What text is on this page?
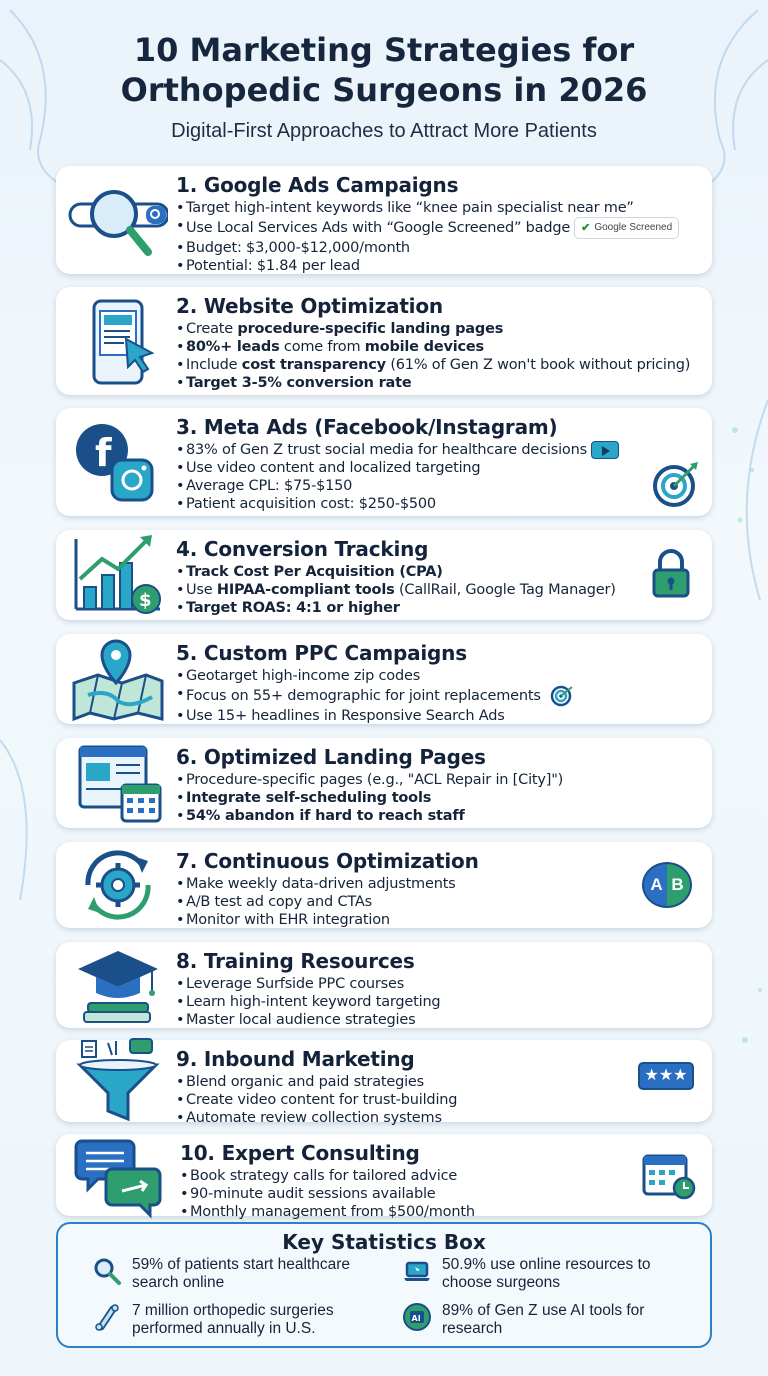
10 Marketing Strategies for
Orthopedic Surgeons in 2026
Digital-First Approaches to Attract More Patients
1. Google Ads Campaigns
• Target high-intent keywords like “knee pain specialist near me”
• Use Local Services Ads with “Google Screened” badge ✔ Google Screened
• Budget: $3,000-$12,000/month
• Potential: $1.84 per lead
2. Website Optimization
• Create procedure-specific landing pages
• 80%+ leads come from mobile devices
• Include cost transparency (61% of Gen Z won't book without pricing)
• Target 3-5% conversion rate
f
3. Meta Ads (Facebook/Instagram)
• 83% of Gen Z trust social media for healthcare decisions
• Use video content and localized targeting
• Average CPL: $75-$150
• Patient acquisition cost: $250-$500
$
4. Conversion Tracking
• Track Cost Per Acquisition (CPA)
• Use HIPAA-compliant tools (CallRail, Google Tag Manager)
• Target ROAS: 4:1 or higher
5. Custom PPC Campaigns
• Geotarget high-income zip codes
• Focus on 55+ demographic for joint replacements
• Use 15+ headlines in Responsive Search Ads
6. Optimized Landing Pages
• Procedure-specific pages (e.g., "ACL Repair in [City]")
• Integrate self-scheduling tools
• 54% abandon if hard to reach staff
7. Continuous Optimization
• Make weekly data-driven adjustments
• A/B test ad copy and CTAs
• Monitor with EHR integration
A  B
8. Training Resources
• Leverage Surfside PPC courses
• Learn high-intent keyword targeting
• Master local audience strategies
9. Inbound Marketing
• Blend organic and paid strategies
• Create video content for trust-building
• Automate review collection systems
★★★
10. Expert Consulting
• Book strategy calls for tailored advice
• 90-minute audit sessions available
• Monthly management from $500/month
Key Statistics Box
59% of patients start healthcare search online
50.9% use online resources to choose surgeons
7 million orthopedic surgeries performed annually in U.S.
AI 89% of Gen Z use AI tools for research
